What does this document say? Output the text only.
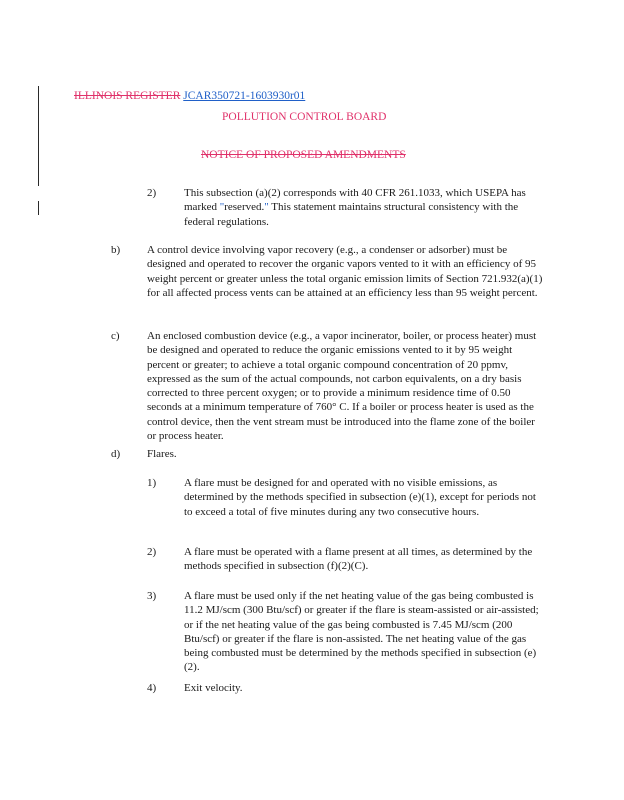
ILLINOIS REGISTER JCAR350721-1603930r01
POLLUTION CONTROL BOARD
NOTICE OF PROPOSED AMENDMENTS
2)	This subsection (a)(2) corresponds with 40 CFR 261.1033, which USEPA has marked "reserved." This statement maintains structural consistency with the federal regulations.
b) A control device involving vapor recovery (e.g., a condenser or adsorber) must be designed and operated to recover the organic vapors vented to it with an efficiency of 95 weight percent or greater unless the total organic emission limits of Section 721.932(a)(1) for all affected process vents can be attained at an efficiency less than 95 weight percent.
c) An enclosed combustion device (e.g., a vapor incinerator, boiler, or process heater) must be designed and operated to reduce the organic emissions vented to it by 95 weight percent or greater; to achieve a total organic compound concentration of 20 ppmv, expressed as the sum of the actual compounds, not carbon equivalents, on a dry basis corrected to three percent oxygen; or to provide a minimum residence time of 0.50 seconds at a minimum temperature of 760° C. If a boiler or process heater is used as the control device, then the vent stream must be introduced into the flame zone of the boiler or process heater.
d) Flares.
1)	A flare must be designed for and operated with no visible emissions, as determined by the methods specified in subsection (e)(1), except for periods not to exceed a total of five minutes during any two consecutive hours.
2)	A flare must be operated with a flame present at all times, as determined by the methods specified in subsection (f)(2)(C).
3)	A flare must be used only if the net heating value of the gas being combusted is 11.2 MJ/scm (300 Btu/scf) or greater if the flare is steam-assisted or air-assisted; or if the net heating value of the gas being combusted is 7.45 MJ/scm (200 Btu/scf) or greater if the flare is non-assisted. The net heating value of the gas being combusted must be determined by the methods specified in subsection (e)(2).
4)	Exit velocity.
